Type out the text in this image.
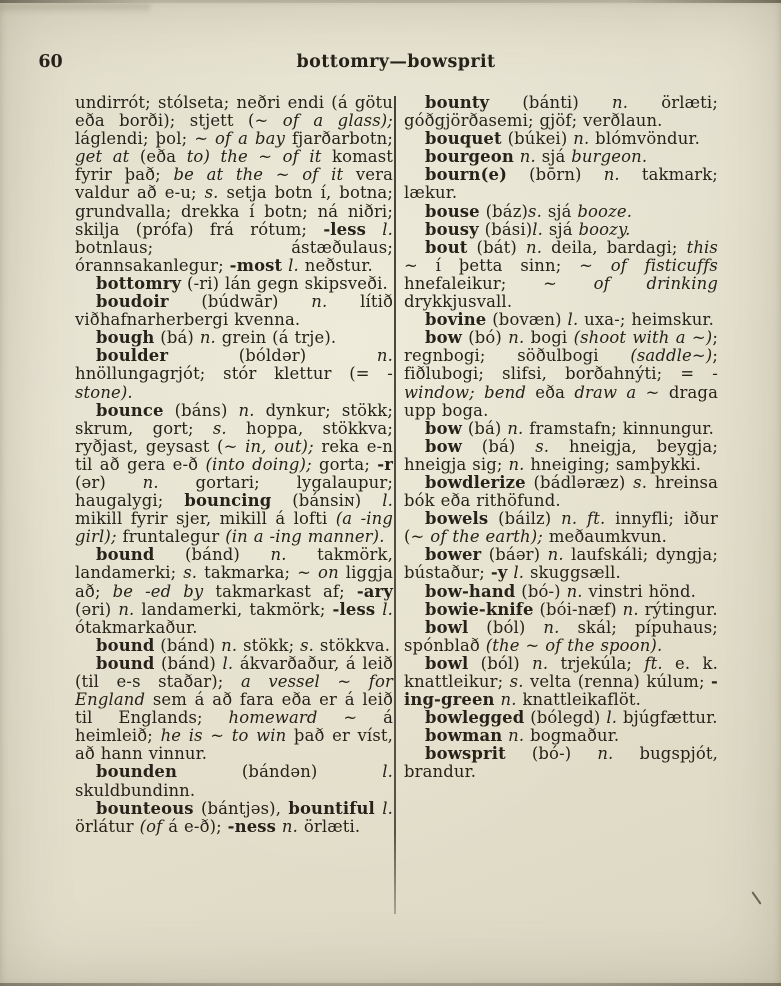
bottomry—bowsprit
60

undirrót; stólseta; neðri endi (á götu eða borði); stjett (~ of a glass); láglendi; þol; ~ of a bay fjarðarbotn; get at (eða to) the ~ of it komast fyrir það; be at the ~ of it vera valdur að e-u; s. setja botn í, botna; grundvalla; drekka í botn; ná niðri; skilja (prófa) frá rótum; -less l. botnlaus; ástæðulaus; órannsakanlegur; -most l. neðstur.

bottomry (-ri) lán gegn skipsveði.

boudoir (búdwār) n. lítið viðhafnarherbergi kvenna.

bough (bá) n. grein (á trje).

boulder (bóldər) n. hnöllungagrjót; stór klettur (= -stone).

bounce (báns) n. dynkur; stökk; skrum, gort; s. hoppa, stökkva; ryðjast, geysast (~ in, out); reka e-n til að gera e-ð (into doing); gorta; -r (ər) n. gortari; lygalaupur; haugalygi; bouncing (bánsiɴ) l. mikill fyrir sjer, mikill á lofti (a -ing girl); fruntalegur (in a -ing manner).

bound (bánd) n. takmörk, landamerki; s. takmarka; ~ on liggja að; be -ed by takmarkast af; -ary (əri) n. landamerki, takmörk; -less l. ótakmarkaður.

bound (bánd) n. stökk; s. stökkva.

bound (bánd) l. ákvarðaður, á leið (til e-s staðar); a vessel ~ for England sem á að fara eða er á leið til Englands; homeward ~ á heimleið; he is ~ to win það er víst, að hann vinnur.

bounden (bándən) l. skuldbundinn.

bounteous (bántjəs), bountiful l. örlátur (of á e-ð); -ness n. örlæti.

bounty (bánti) n. örlæti; góðgjörðasemi; gjöf; verðlaun.

bouquet (búkei) n. blómvöndur.

bourgeon n. sjá burgeon.

bourn(e) (bōrn) n. takmark; lækur.

bouse (báz)s. sjá booze.

bousy (bási)l. sjá boozy.

bout (bát) n. deila, bardagi; this ~ í þetta sinn; ~ of fisticuffs hnefaleikur; ~ of drinking drykkjusvall.

bovine (bovæn) l. uxa-; heimskur.

bow (bó) n. bogi (shoot with a ~); regnbogi; söðulbogi (saddle~); fiðlubogi; slifsi, borðahnýti; = -window; bend eða draw a ~ draga upp boga.

bow (bá) n. framstafn; kinnungur.

bow (bá) s. hneigja, beygja; hneigja sig; n. hneiging; samþykki.

bowdlerize (bádləræz) s. hreinsa bók eða rithöfund.

bowels (báilz) n. ft. innyfli; iður (~ of the earth); meðaumkvun.

bower (báər) n. laufskáli; dyngja; bústaður; -y l. skuggsæll.

bow-hand (bó-) n. vinstri hönd.

bowie-knife (bói-næf) n. rýtingur.

bowl (ból) n. skál; pípuhaus; spónblað (the ~ of the spoon).

bowl (ból) n. trjekúla; ft. e. k. knattleikur; s. velta (renna) kúlum; -ing-green n. knattleikaflöt.

bowlegged (bólegd) l. bjúgfættur.

bowman n. bogmaður.

bowsprit (bó-) n. bugspjót, brandur.
